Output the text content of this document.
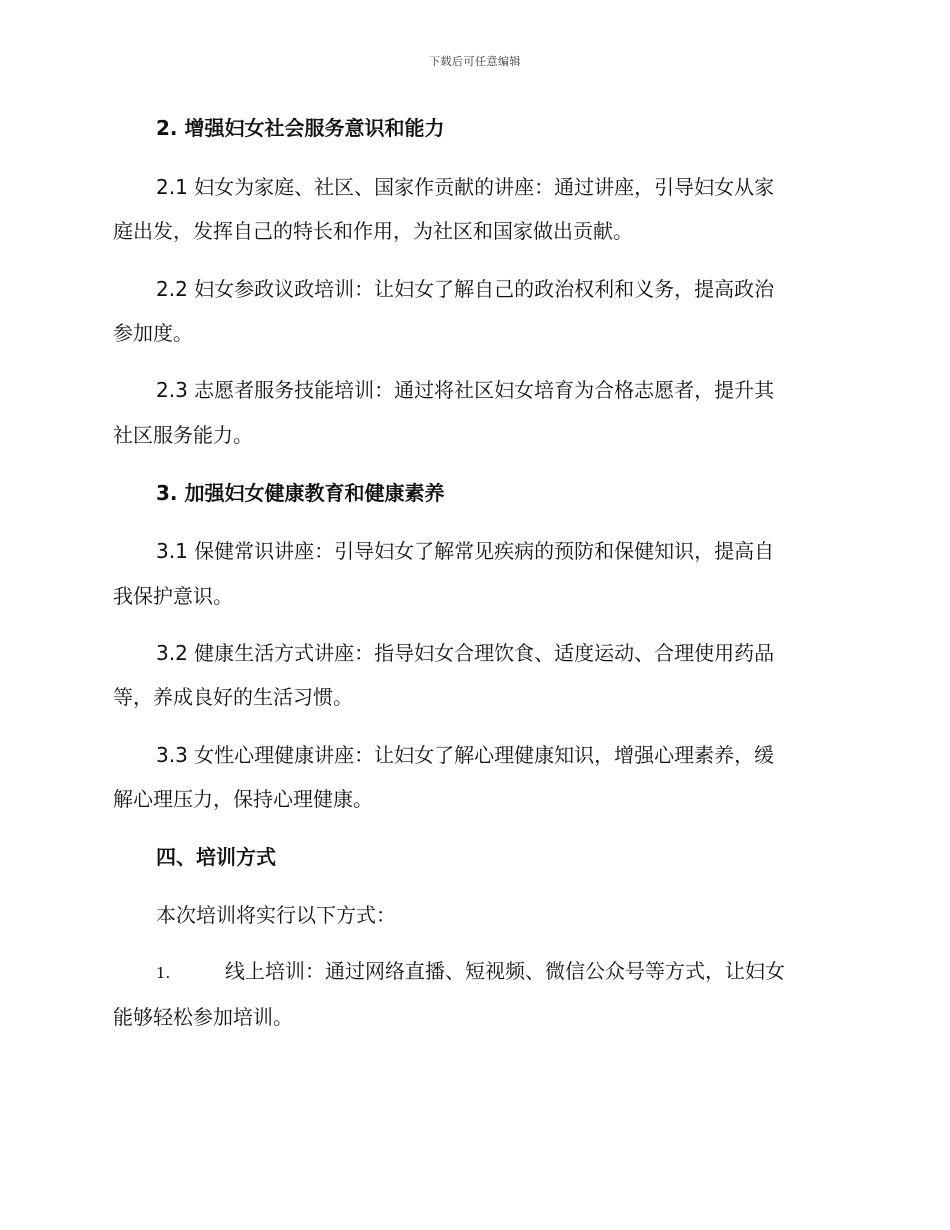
下载后可任意编辑
2. 增强妇女社会服务意识和能力
2.1 妇女为家庭、社区、国家作贡献的讲座：通过讲座，引导妇女从家
庭出发，发挥自己的特长和作用，为社区和国家做出贡献。
2.2 妇女参政议政培训：让妇女了解自己的政治权利和义务，提高政治
参加度。
2.3 志愿者服务技能培训：通过将社区妇女培育为合格志愿者，提升其
社区服务能力。
3. 加强妇女健康教育和健康素养
3.1 保健常识讲座：引导妇女了解常见疾病的预防和保健知识，提高自
我保护意识。
3.2 健康生活方式讲座：指导妇女合理饮食、适度运动、合理使用药品
等，养成良好的生活习惯。
3.3 女性心理健康讲座：让妇女了解心理健康知识，增强心理素养，缓
解心理压力，保持心理健康。
四、培训方式
本次培训将实行以下方式：
1.	线上培训：通过网络直播、短视频、微信公众号等方式，让妇女
能够轻松参加培训。
